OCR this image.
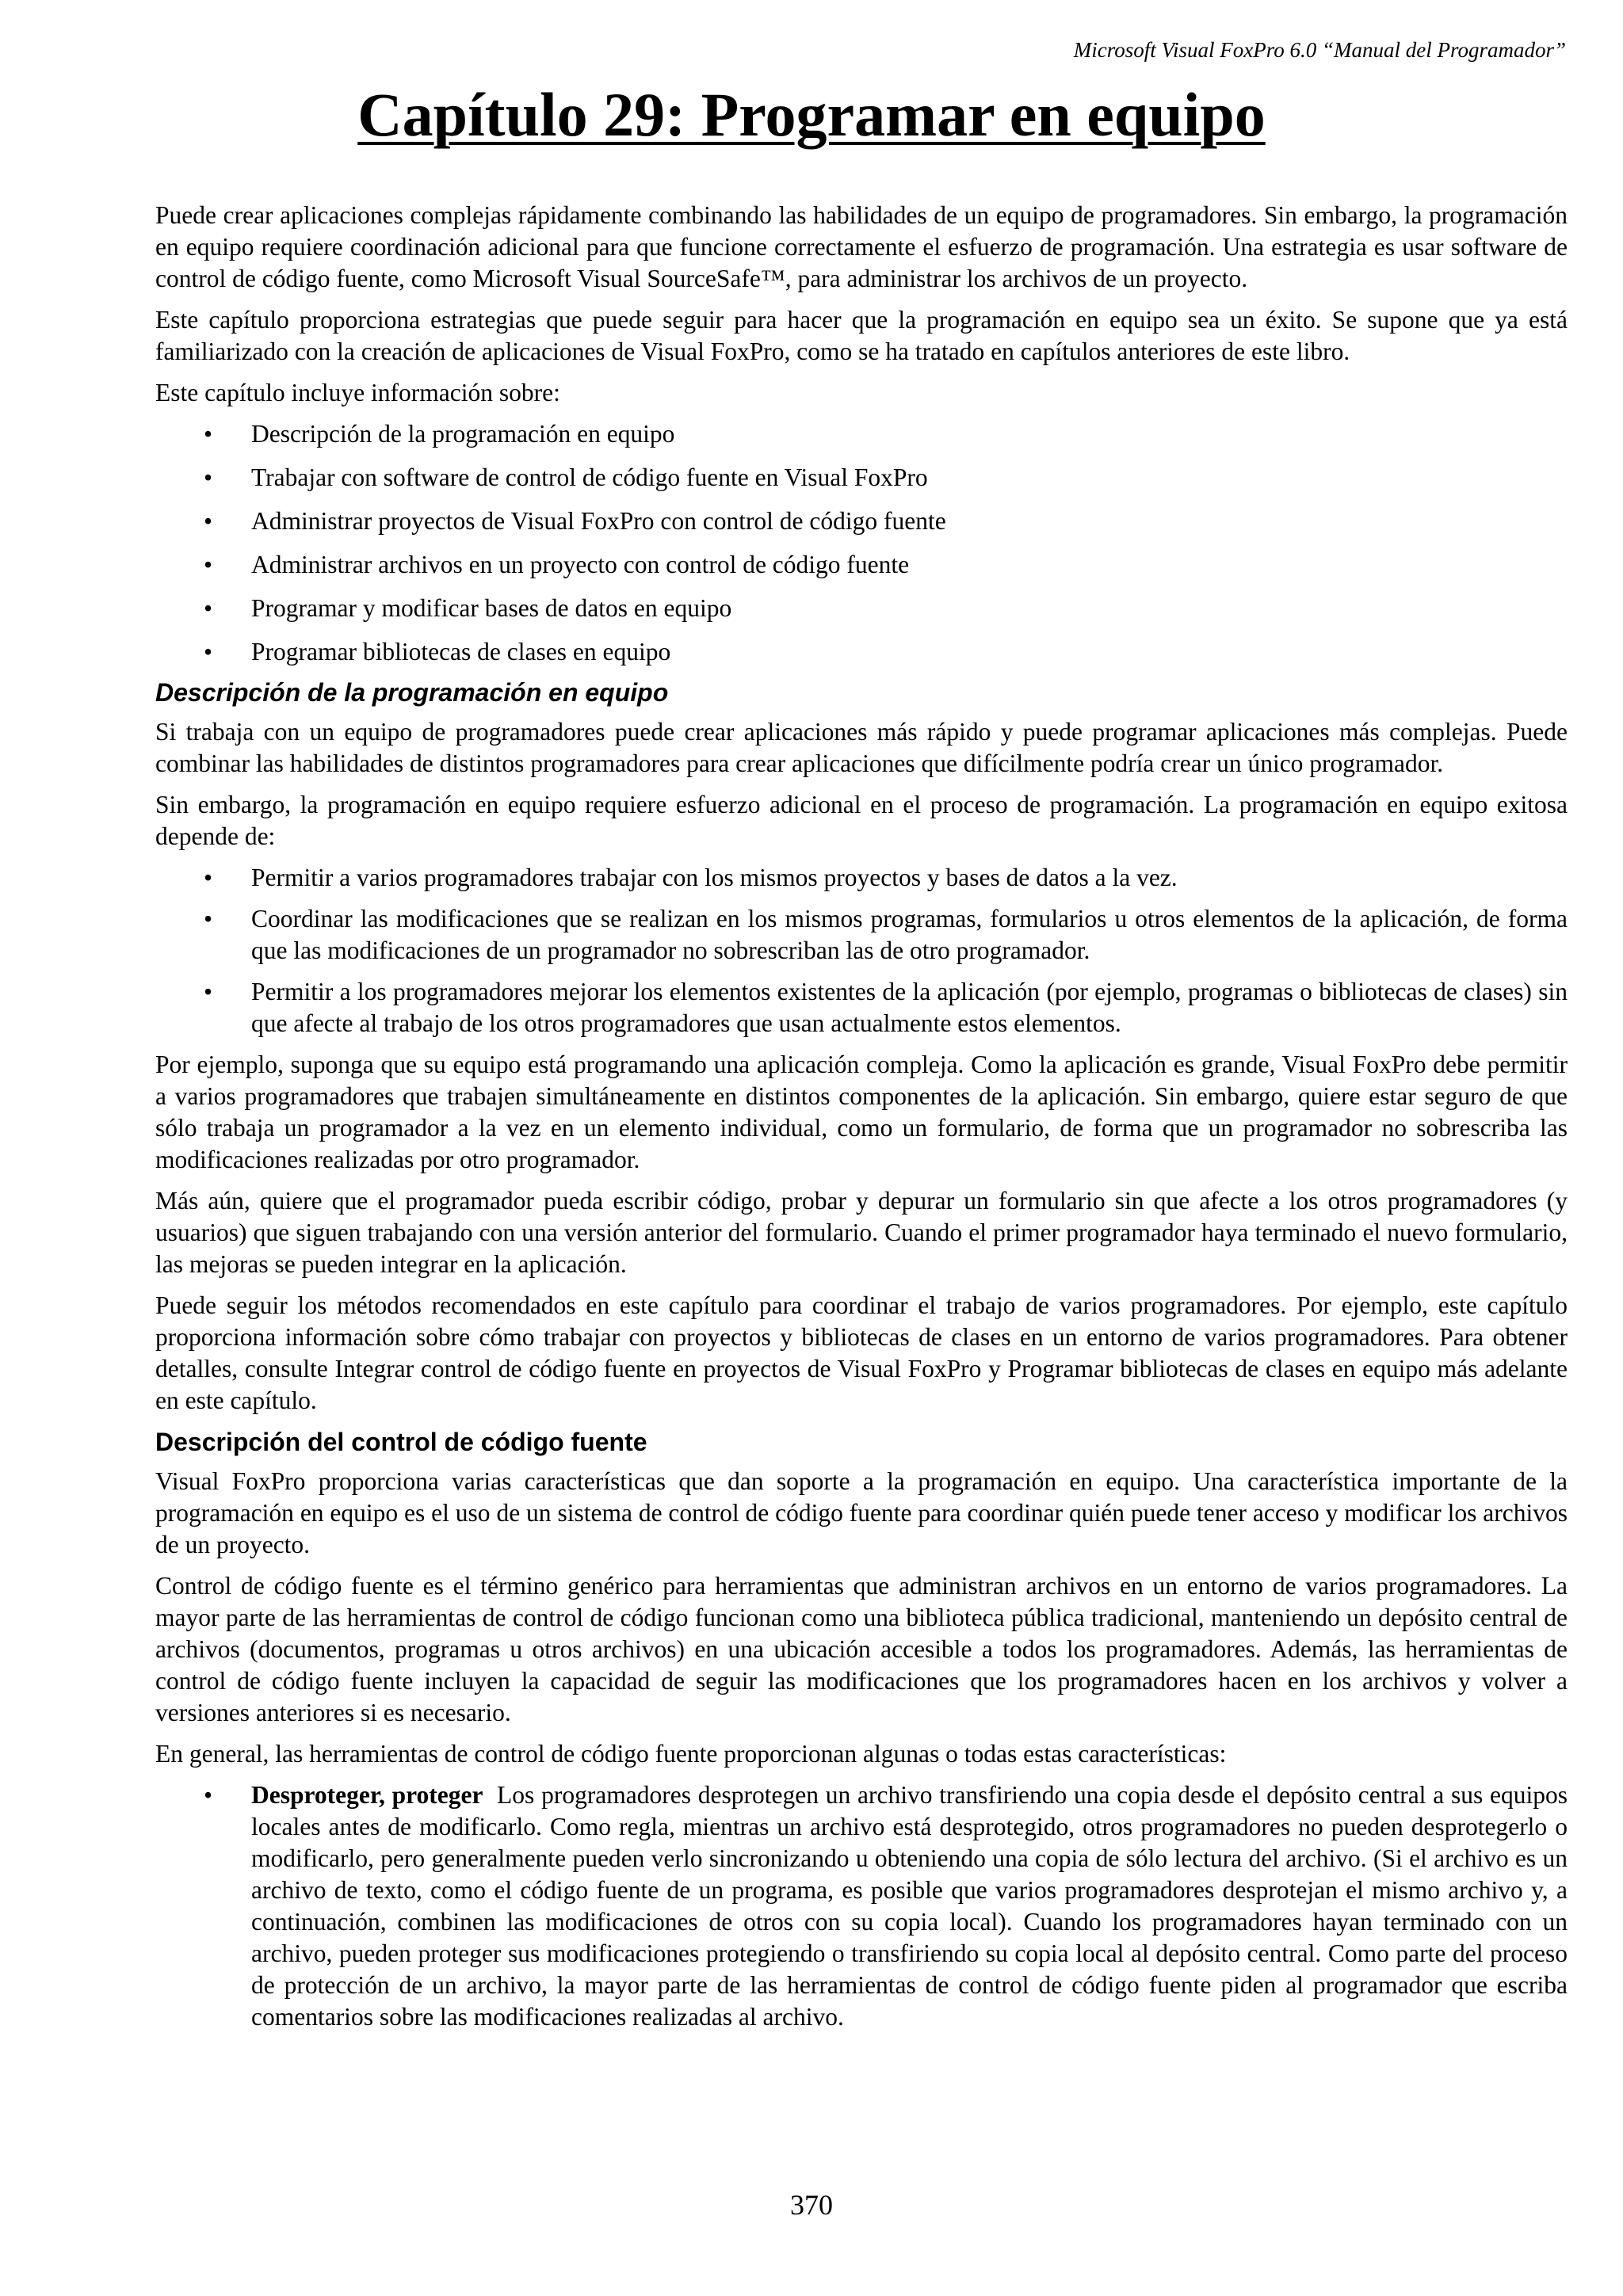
Microsoft Visual FoxPro 6.0 “Manual del Programador”
Capítulo 29: Programar en equipo

Puede crear aplicaciones complejas rápidamente combinando las habilidades de un equipo de programadores. Sin embargo, la programación en equipo requiere coordinación adicional para que funcione correctamente el esfuerzo de programación. Una estrategia es usar software de control de código fuente, como Microsoft Visual SourceSafe™, para administrar los archivos de un proyecto.

Este capítulo proporciona estrategias que puede seguir para hacer que la programación en equipo sea un éxito. Se supone que ya está familiarizado con la creación de aplicaciones de Visual FoxPro, como se ha tratado en capítulos anteriores de este libro.

Este capítulo incluye información sobre:

• Descripción de la programación en equipo
• Trabajar con software de control de código fuente en Visual FoxPro
• Administrar proyectos de Visual FoxPro con control de código fuente
• Administrar archivos en un proyecto con control de código fuente
• Programar y modificar bases de datos en equipo
• Programar bibliotecas de clases en equipo
Descripción de la programación en equipo

Si trabaja con un equipo de programadores puede crear aplicaciones más rápido y puede programar aplicaciones más complejas. Puede combinar las habilidades de distintos programadores para crear aplicaciones que difícilmente podría crear un único programador.

Sin embargo, la programación en equipo requiere esfuerzo adicional en el proceso de programación. La programación en equipo exitosa depende de:

• Permitir a varios programadores trabajar con los mismos proyectos y bases de datos a la vez.
• Coordinar las modificaciones que se realizan en los mismos programas, formularios u otros elementos de la aplicación, de forma que las modificaciones de un programador no sobrescriban las de otro programador.
• Permitir a los programadores mejorar los elementos existentes de la aplicación (por ejemplo, programas o bibliotecas de clases) sin que afecte al trabajo de los otros programadores que usan actualmente estos elementos.

Por ejemplo, suponga que su equipo está programando una aplicación compleja. Como la aplicación es grande, Visual FoxPro debe permitir a varios programadores que trabajen simultáneamente en distintos componentes de la aplicación. Sin embargo, quiere estar seguro de que sólo trabaja un programador a la vez en un elemento individual, como un formulario, de forma que un programador no sobrescriba las modificaciones realizadas por otro programador.

Más aún, quiere que el programador pueda escribir código, probar y depurar un formulario sin que afecte a los otros programadores (y usuarios) que siguen trabajando con una versión anterior del formulario. Cuando el primer programador haya terminado el nuevo formulario, las mejoras se pueden integrar en la aplicación.

Puede seguir los métodos recomendados en este capítulo para coordinar el trabajo de varios programadores. Por ejemplo, este capítulo proporciona información sobre cómo trabajar con proyectos y bibliotecas de clases en un entorno de varios programadores. Para obtener detalles, consulte Integrar control de código fuente en proyectos de Visual FoxPro y Programar bibliotecas de clases en equipo más adelante en este capítulo.

Descripción del control de código fuente

Visual FoxPro proporciona varias características que dan soporte a la programación en equipo. Una característica importante de la programación en equipo es el uso de un sistema de control de código fuente para coordinar quién puede tener acceso y modificar los archivos de un proyecto.

Control de código fuente es el término genérico para herramientas que administran archivos en un entorno de varios programadores. La mayor parte de las herramientas de control de código funcionan como una biblioteca pública tradicional, manteniendo un depósito central de archivos (documentos, programas u otros archivos) en una ubicación accesible a todos los programadores. Además, las herramientas de control de código fuente incluyen la capacidad de seguir las modificaciones que los programadores hacen en los archivos y volver a versiones anteriores si es necesario.

En general, las herramientas de control de código fuente proporcionan algunas o todas estas características:

• Desproteger, proteger Los programadores desprotegen un archivo transfiriendo una copia desde el depósito central a sus equipos locales antes de modificarlo. Como regla, mientras un archivo está desprotegido, otros programadores no pueden desprotegerlo o modificarlo, pero generalmente pueden verlo sincronizando u obteniendo una copia de sólo lectura del archivo. (Si el archivo es un archivo de texto, como el código fuente de un programa, es posible que varios programadores desprotejan el mismo archivo y, a continuación, combinen las modificaciones de otros con su copia local). Cuando los programadores hayan terminado con un archivo, pueden proteger sus modificaciones protegiendo o transfiriendo su copia local al depósito central. Como parte del proceso de protección de un archivo, la mayor parte de las herramientas de control de código fuente piden al programador que escriba comentarios sobre las modificaciones realizadas al archivo.
370
